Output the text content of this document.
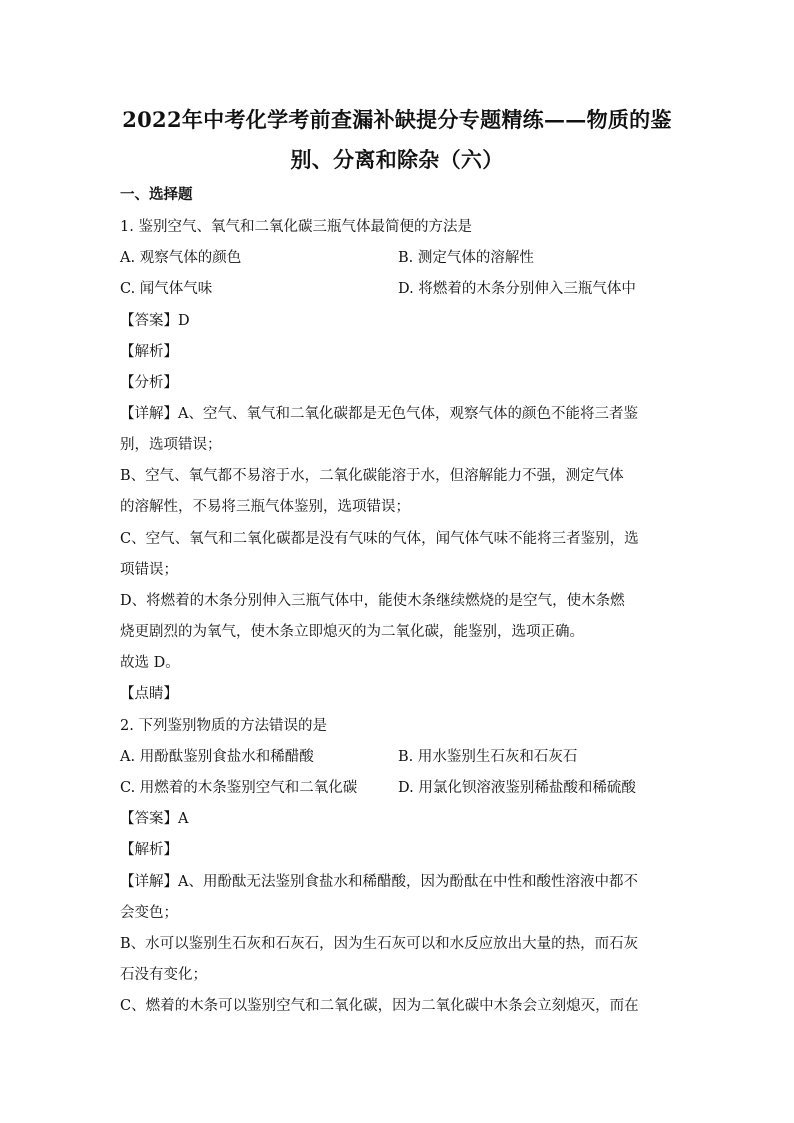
2022年中考化学考前查漏补缺提分专题精练——物质的鉴
别、分离和除杂（六）
一、选择题
1. 鉴别空气、氧气和二氧化碳三瓶气体最简便的方法是
A. 观察气体的颜色	B. 测定气体的溶解性
C. 闻气体气味	D. 将燃着的木条分别伸入三瓶气体中
【答案】D
【解析】
【分析】
【详解】A、空气、氧气和二氧化碳都是无色气体，观察气体的颜色不能将三者鉴
别，选项错误；
B、空气、氧气都不易溶于水，二氧化碳能溶于水，但溶解能力不强，测定气体
的溶解性，不易将三瓶气体鉴别，选项错误；
C、空气、氧气和二氧化碳都是没有气味的气体，闻气体气味不能将三者鉴别，选
项错误；
D、将燃着的木条分别伸入三瓶气体中，能使木条继续燃烧的是空气，使木条燃
烧更剧烈的为氧气，使木条立即熄灭的为二氧化碳，能鉴别，选项正确。
故选 D。
【点睛】
2. 下列鉴别物质的方法错误的是
A. 用酚酞鉴别食盐水和稀醋酸	B. 用水鉴别生石灰和石灰石
C. 用燃着的木条鉴别空气和二氧化碳	D. 用氯化钡溶液鉴别稀盐酸和稀硫酸
【答案】A
【解析】
【详解】A、用酚酞无法鉴别食盐水和稀醋酸，因为酚酞在中性和酸性溶液中都不
会变色；
B、水可以鉴别生石灰和石灰石，因为生石灰可以和水反应放出大量的热，而石灰
石没有变化；
C、燃着的木条可以鉴别空气和二氧化碳，因为二氧化碳中木条会立刻熄灭，而在
